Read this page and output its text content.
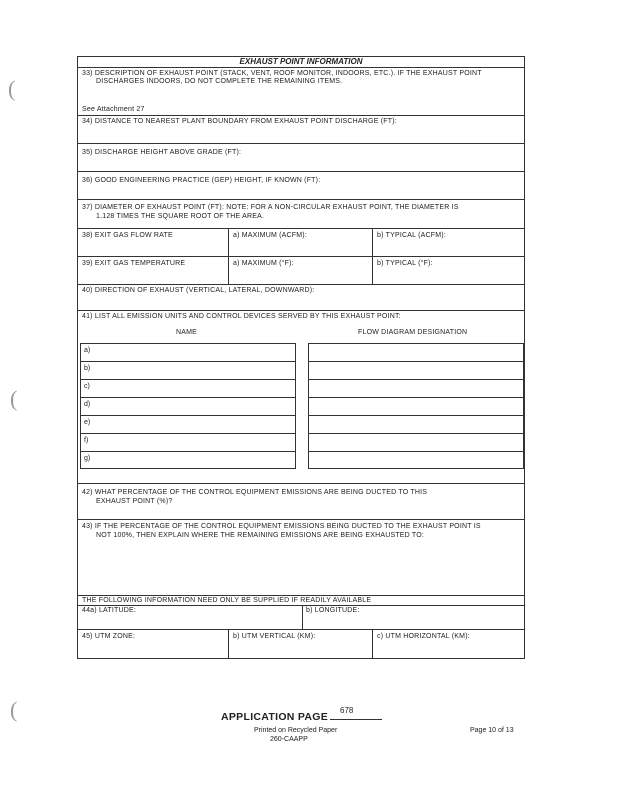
(
(
(
EXHAUST POINT INFORMATION
33) DESCRIPTION OF EXHAUST POINT (STACK, VENT, ROOF MONITOR, INDOORS, ETC.). IF THE EXHAUST POINT
DISCHARGES INDOORS, DO NOT COMPLETE THE REMAINING ITEMS.
See Attachment 27
34) DISTANCE TO NEAREST PLANT BOUNDARY FROM EXHAUST POINT DISCHARGE (FT):
35) DISCHARGE HEIGHT ABOVE GRADE (FT):
36) GOOD ENGINEERING PRACTICE (GEP) HEIGHT, IF KNOWN (FT):
37) DIAMETER OF EXHAUST POINT (FT): NOTE: FOR A NON-CIRCULAR EXHAUST POINT, THE DIAMETER IS
1.128 TIMES THE SQUARE ROOT OF THE AREA.
38) EXIT GAS FLOW RATE	a) MAXIMUM (ACFM):	b) TYPICAL (ACFM):
39) EXIT GAS TEMPERATURE	a) MAXIMUM (°F):	b) TYPICAL (°F):
40) DIRECTION OF EXHAUST (VERTICAL, LATERAL, DOWNWARD):
41) LIST ALL EMISSION UNITS AND CONTROL DEVICES SERVED BY THIS EXHAUST POINT:
NAME	FLOW DIAGRAM DESIGNATION
a)
b)
c)
d)
e)
f)
g)
42) WHAT PERCENTAGE OF THE CONTROL EQUIPMENT EMISSIONS ARE BEING DUCTED TO THIS
EXHAUST POINT (%)?
43) IF THE PERCENTAGE OF THE CONTROL EQUIPMENT EMISSIONS BEING DUCTED TO THE EXHAUST POINT IS
NOT 100%, THEN EXPLAIN WHERE THE REMAINING EMISSIONS ARE BEING EXHAUSTED TO:
THE FOLLOWING INFORMATION NEED ONLY BE SUPPLIED IF READILY AVAILABLE
44a) LATITUDE:	b) LONGITUDE:
45) UTM ZONE:	b) UTM VERTICAL (KM):	c) UTM HORIZONTAL (KM):
APPLICATION PAGE
678
Printed on Recycled Paper
260-CAAPP
Page 10 of 13
